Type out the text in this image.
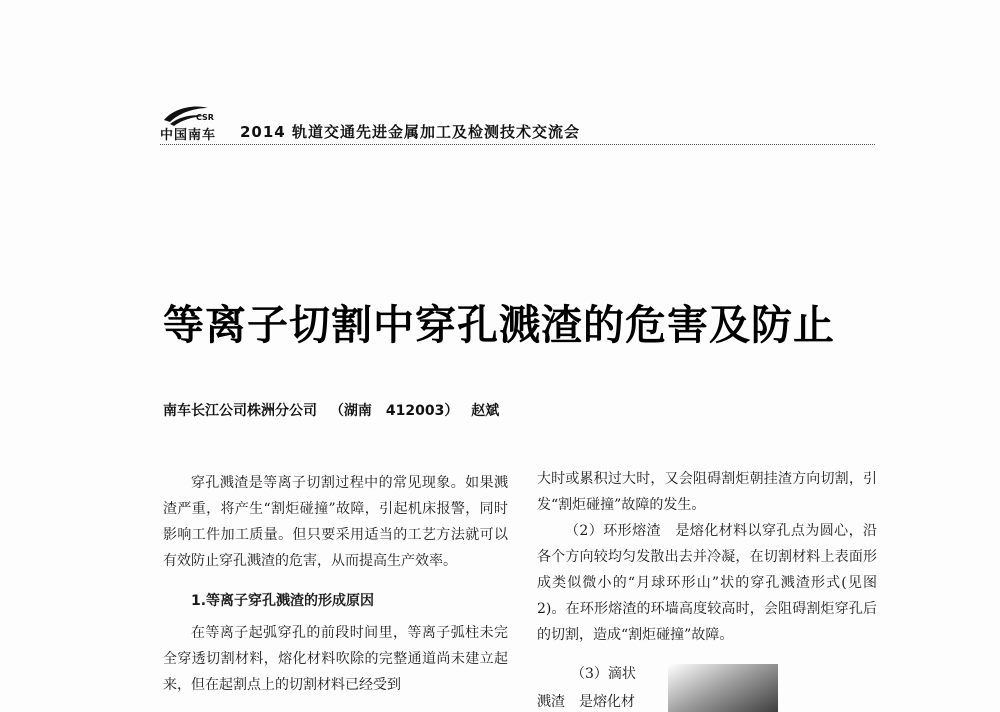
CSR
中国南车 2014 轨道交通先进金属加工及检测技术交流会
等离子切割中穿孔溅渣的危害及防止
南车长江公司株洲分公司 （湖南　412003） 赵斌

穿孔溅渣是等离子切割过程中的常见现象。如果溅渣严重，将产生“割炬碰撞”故障，引起机床报警，同时影响工件加工质量。但只要采用适当的工艺方法就可以有效防止穿孔溅渣的危害，从而提高生产效率。

1.等离子穿孔溅渣的形成原因

在等离子起弧穿孔的前段时间里，等离子弧柱未完全穿透切割材料，熔化材料吹除的完整通道尚未建立起来，但在起割点上的切割材料已经受到

大时或累积过大时，又会阻碍割炬朝挂渣方向切割，引发“割炬碰撞”故障的发生。

（2）环形熔渣　是熔化材料以穿孔点为圆心，沿各个方向较均匀发散出去并冷凝，在切割材料上表面形成类似微小的“月球环形山”状的穿孔溅渣形式(见图2)。在环形熔渣的环墙高度较高时，会阻碍割炬穿孔后的切割，造成“割炬碰撞”故障。

（3）滴状
溅渣　是熔化材
